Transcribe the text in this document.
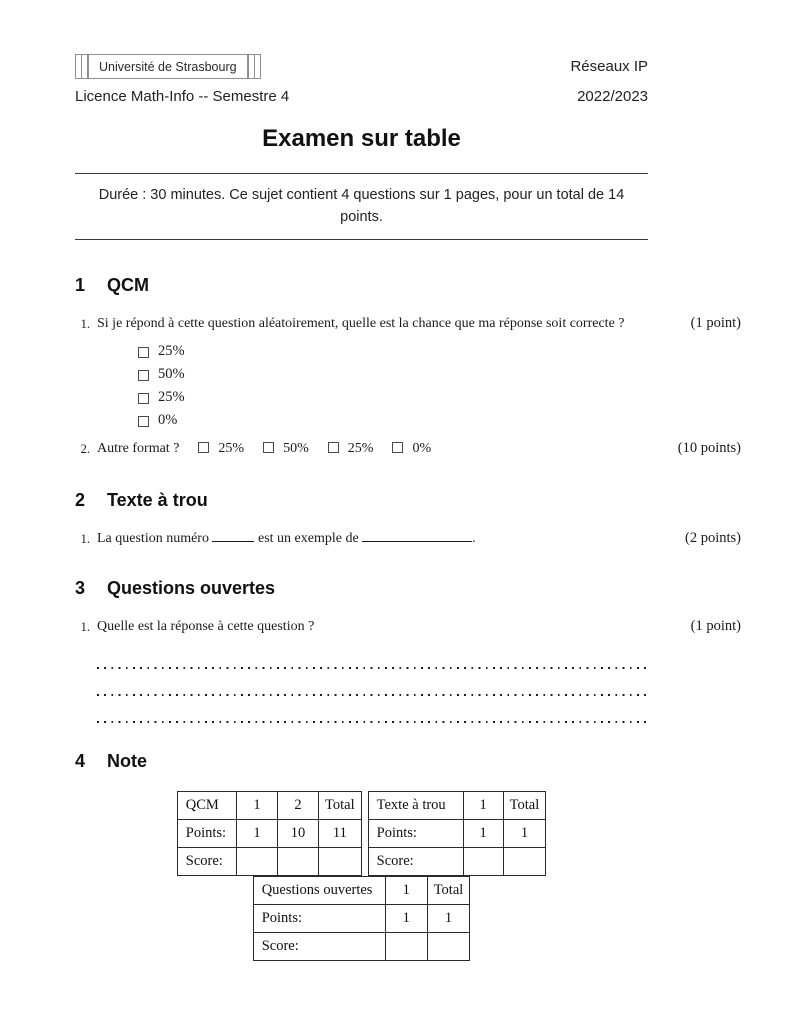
Université de Strasbourg	Réseaux IP
Licence Math-Info -- Semestre 4	2022/2023
Examen sur table
Durée : 30 minutes. Ce sujet contient 4 questions sur 1 pages, pour un total de 14 points.
1	QCM
1. Si je répond à cette question aléatoirement, quelle est la chance que ma réponse soit correcte ?	(1 point)
25%
50%
25%
0%
2. Autre format ?	25%	50%	25%	0%	(10 points)
2	Texte à trou
1. La question numéro	est un exemple de	.	(2 points)
3	Questions ouvertes
1. Quelle est la réponse à cette question ?	(1 point)
4	Note
QCM	1	2	Total
Points:	1	10	11
Score:			
Texte à trou	1	Total
Points:	1	1
Score:		
Questions ouvertes	1	Total
Points:	1	1
Score:		
